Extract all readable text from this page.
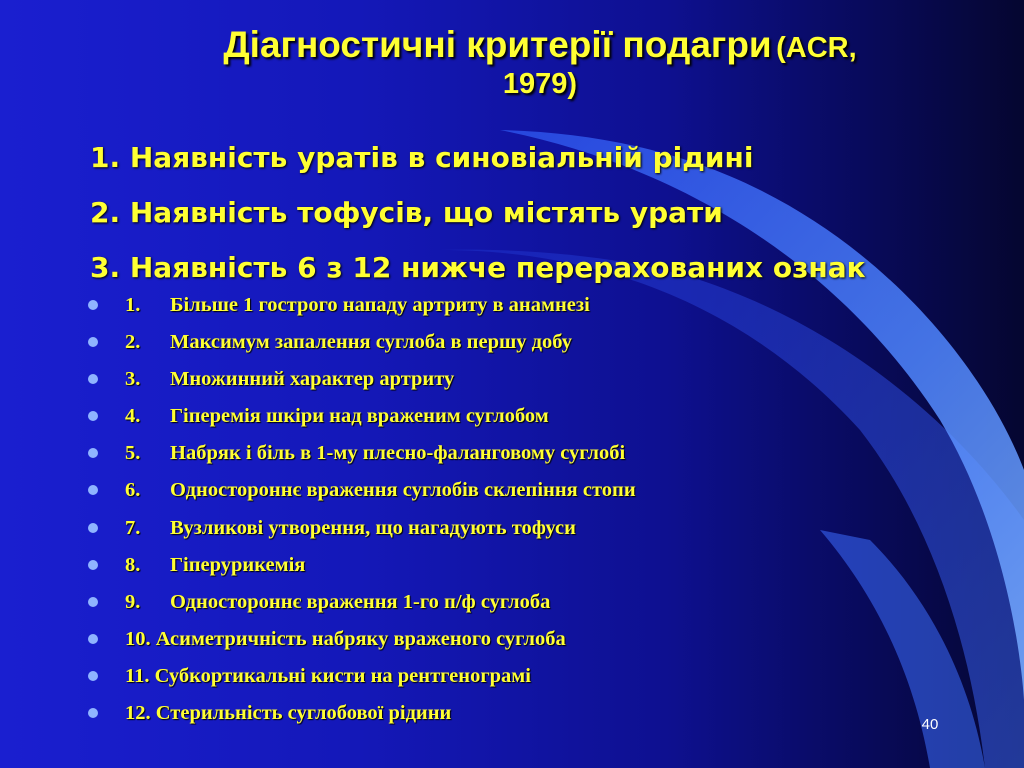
Діагностичні критерії подагри (ACR,
1979)
1. Наявність уратів в синовіальній рідині
2. Наявність тофусів, що містять урати
3. Наявність 6 з 12 нижче перерахованих ознак
1. Більше 1 гострого нападу артриту в анамнезі
2. Максимум запалення суглоба в першу добу
3. Множинний характер артриту
4. Гіперемія шкіри над враженим суглобом
5. Набряк і біль в 1-му плесно-фаланговому суглобі
6. Одностороннє враження суглобів склепіння стопи
7. Вузликові утворення, що нагадують тофуси
8. Гіперурикемія
9. Одностороннє враження 1-го п/ф суглоба
10. Асиметричність набряку враженого суглоба
11. Субкортикальні кисти на рентгенограмі
12. Стерильність суглобової рідини
40
